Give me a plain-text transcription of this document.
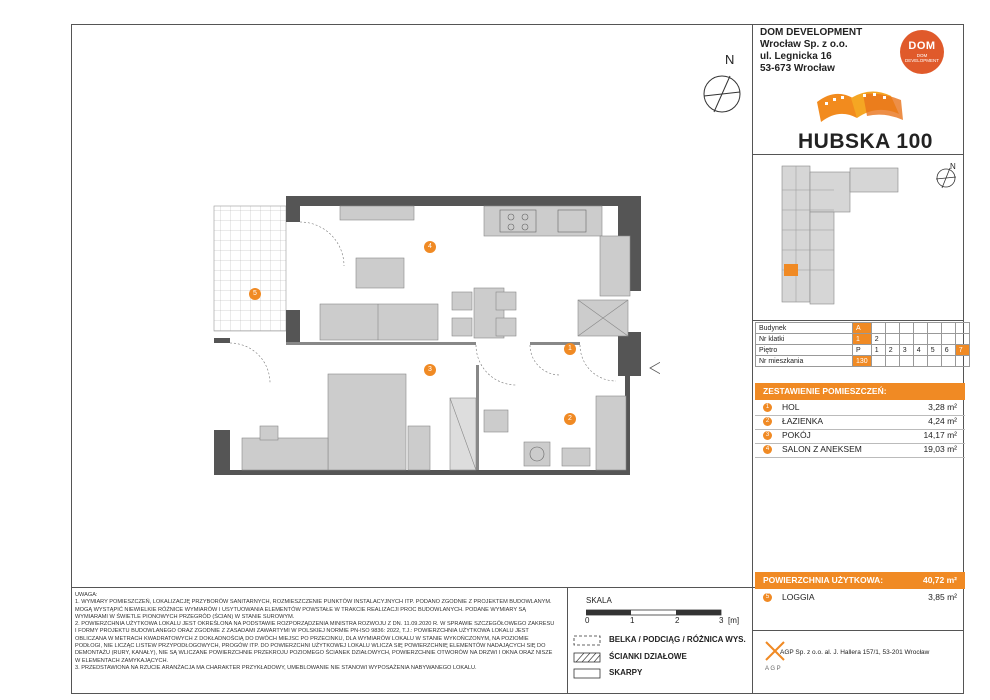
DOM DEVELOPMENT
Wrocław Sp. z o.o.
ul. Legnicka 16
53-673 Wrocław
DOM
DOM DEVELOPMENT
HUBSKA 100
N
N
Budynek	A							
Nr klatki	1	2						
Piętro	P	1	2	3	4	5	6	7
Nr mieszkania	130							
ZESTAWIENIE POMIESZCZEŃ:
1	HOL	3,28 m²
2	ŁAZIENKA	4,24 m²
3	POKÓJ	14,17 m²
4	SALON Z ANEKSEM	19,03 m²
POWIERZCHNIA UŻYTKOWA:	40,72 m²
5	LOGGIA	3,85 m²
A G P
AGP Sp. z o.o. al. J. Hallera 157/1, 53-201 Wrocław
SKALA
0	1	2	3 [m]
BELKA / PODCIĄG / RÓŻNICA WYS.
ŚCIANKI DZIAŁOWE
SKARPY
UWAGA:
1. WYMIARY POMIESZCZEŃ, LOKALIZACJĘ PRZYBORÓW SANITARNYCH, ROZMIESZCZENIE PUNKTÓW INSTALACYJNYCH ITP. PODANO ZGODNIE Z PROJEKTEM BUDOWLANYM.
MOGĄ WYSTĄPIĆ NIEWIELKIE RÓŻNICE WYMIARÓW I USYTUOWANIA ELEMENTÓW POWSTAŁE W TRAKCIE REALIZACJI PROC BUDOWLANYCH. PODANE WYMIARY SĄ
WYMIARAMI W ŚWIETLE PIONOWYCH PRZEGRÓD (ŚCIAN) W STANIE SUROWYM.
2. POWIERZCHNIA UŻYTKOWA LOKALU JEST OKREŚLONA NA PODSTAWIE ROZPORZĄDZENIA MINISTRA ROZWOJU Z DN. 11.09.2020 R. W SPRAWIE SZCZEGÓŁOWEGO ZAKRESU
I FORMY PROJEKTU BUDOWLANEGO ORAZ ZGODNIE Z ZASADAMI ZAWARTYMI W POLSKIEJ NORMIE PN-ISO 9836: 2022, T.J.: POWIERZCHNIA UŻYTKOWA LOKALU JEST
OBLICZANA W METRACH KWADRATOWYCH Z DOKŁADNOŚCIĄ DO DWÓCH MIEJSC PO PRZECINKU, DLA WYMIARÓW LOKALU W STANIE WYKOŃCZONYM, NA POZIOMIE
PODŁOGI, NIE LICZĄC LISTEW PRZYPODŁOGOWYCH, PROGÓW ITP. DO POWIERZCHNI UŻYTKOWEJ LOKALU WLICZA SIĘ POWIERZCHNIĘ ELEMENTÓW NADAJĄCYCH SIĘ DO
DEMONTAŻU (RURY, KANAŁY), NIE SĄ WLICZANE POWIERZCHNIE PRZEKROJU POZIOMEGO ŚCIANEK DZIAŁOWYCH, POWIERZCHNIE OTWORÓW NA DRZWI I OKNA ORAZ NISZE
W ELEMENTACH ZAMYKAJĄCYCH.
3. PRZEDSTAWIONA NA RZUCIE ARANŻACJA MA CHARAKTER PRZYKŁADOWY, UMEBLOWANIE NIE STANOWI WYPOSAŻENIA NABYWANEGO LOKALU.
4
5
1
3
2
